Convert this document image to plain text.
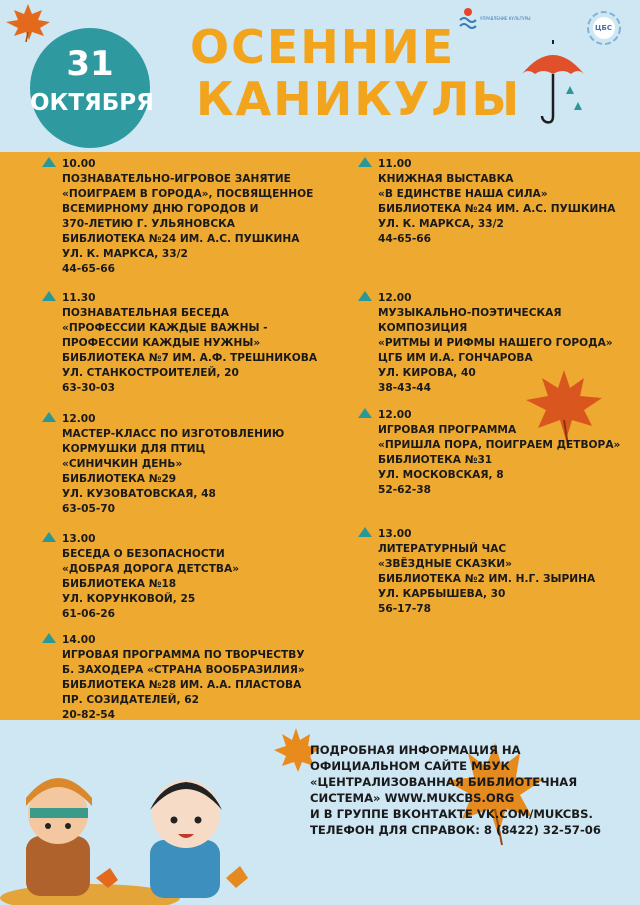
31
ОКТЯБРЯ
ОСЕННИЕ
КАНИКУЛЫ
УПРАВЛЕНИЕ КУЛЬТУРЫ
ЦБС
10.00
ПОЗНАВАТЕЛЬНО-ИГРОВОЕ ЗАНЯТИЕ
«ПОИГРАЕМ В ГОРОДА», ПОСВЯЩЕННОЕ
ВСЕМИРНОМУ ДНЮ ГОРОДОВ И
370-ЛЕТИЮ Г. УЛЬЯНОВСКА
БИБЛИОТЕКА №24 ИМ. А.С. ПУШКИНА
УЛ. К. МАРКСА, 33/2
44-65-66
11.30
ПОЗНАВАТЕЛЬНАЯ БЕСЕДА
«ПРОФЕССИИ КАЖДЫЕ ВАЖНЫ -
ПРОФЕССИИ КАЖДЫЕ НУЖНЫ»
БИБЛИОТЕКА №7 ИМ. А.Ф. ТРЕШНИКОВА
УЛ. СТАНКОСТРОИТЕЛЕЙ, 20
63-30-03
12.00
МАСТЕР-КЛАСС ПО ИЗГОТОВЛЕНИЮ
КОРМУШКИ ДЛЯ ПТИЦ
«СИНИЧКИН ДЕНЬ»
БИБЛИОТЕКА №29
УЛ. КУЗОВАТОВСКАЯ, 48
63-05-70
13.00
БЕСЕДА О БЕЗОПАСНОСТИ
«ДОБРАЯ ДОРОГА ДЕТСТВА»
БИБЛИОТЕКА №18
УЛ. КОРУНКОВОЙ, 25
61-06-26
14.00
ИГРОВАЯ ПРОГРАММА ПО ТВОРЧЕСТВУ
Б. ЗАХОДЕРА «СТРАНА ВООБРАЗИЛИЯ»
БИБЛИОТЕКА №28 ИМ. А.А. ПЛАСТОВА
ПР. СОЗИДАТЕЛЕЙ, 62
20-82-54
11.00
КНИЖНАЯ ВЫСТАВКА
«В ЕДИНСТВЕ НАША СИЛА»
БИБЛИОТЕКА №24 ИМ. А.С. ПУШКИНА
УЛ. К. МАРКСА, 33/2
44-65-66
12.00
МУЗЫКАЛЬНО-ПОЭТИЧЕСКАЯ
КОМПОЗИЦИЯ
«РИТМЫ И РИФМЫ НАШЕГО ГОРОДА»
ЦГБ ИМ И.А. ГОНЧАРОВА
УЛ. КИРОВА, 40
38-43-44
12.00
ИГРОВАЯ ПРОГРАММА
«ПРИШЛА ПОРА, ПОИГРАЕМ ДЕТВОРА»
БИБЛИОТЕКА №31
УЛ. МОСКОВСКАЯ, 8
52-62-38
13.00
ЛИТЕРАТУРНЫЙ ЧАС
«ЗВЁЗДНЫЕ СКАЗКИ»
БИБЛИОТЕКА №2 ИМ. Н.Г. ЗЫРИНА
УЛ. КАРБЫШЕВА, 30
56-17-78
ПОДРОБНАЯ ИНФОРМАЦИЯ НА
ОФИЦИАЛЬНОМ САЙТЕ МБУК
«ЦЕНТРАЛИЗОВАННАЯ БИБЛИОТЕЧНАЯ
СИСТЕМА» WWW.MUKCBS.ORG
И В ГРУППЕ ВКОНТАКТЕ VK.COM/MUKCBS.
ТЕЛЕФОН ДЛЯ СПРАВОК: 8 (8422) 32-57-06
